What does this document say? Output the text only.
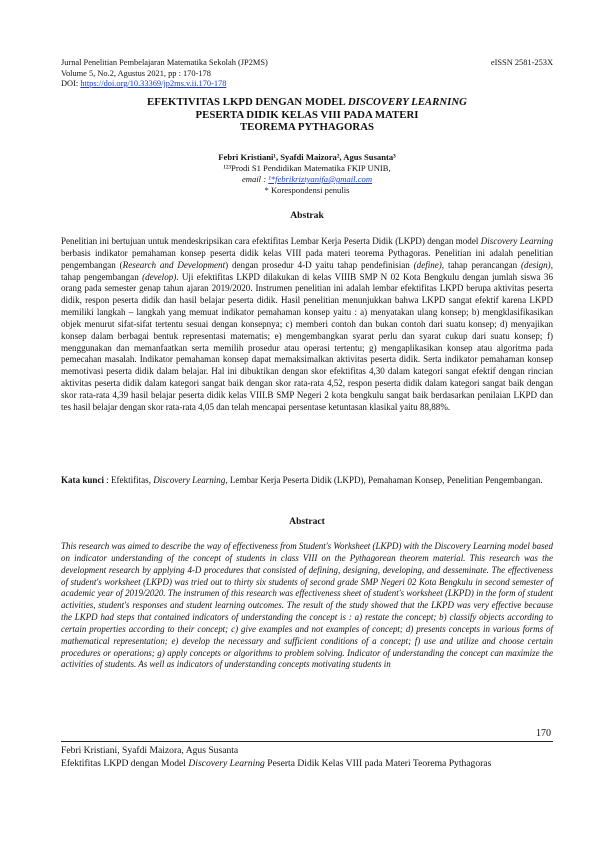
Jurnal Penelitian Pembelajaran Matematika Sekolah (JP2MS)
Volume 5, No.2, Agustus 2021, pp : 170-178
DOI: https://doi.org/10.33369/jp2ms.v.ii.170-178
eISSN 2581-253X
EFEKTIVITAS LKPD DENGAN MODEL DISCOVERY LEARNING
PESERTA DIDIK KELAS VIII PADA MATERI
TEOREMA PYTHAGORAS
Febri Kristiani¹, Syafdi Maizora², Agus Susanta³
¹²³Prodi S1 Pendidikan Matematika FKIP UNIB,
email : ¹*febrikriztyanifa@gmail.com
* Korespondensi penulis
Abstrak
Penelitian ini bertujuan untuk mendeskripsikan cara efektifitas Lembar Kerja Peserta Didik (LKPD) dengan model Discovery Learning berbasis indikator pemahaman konsep peserta didik kelas VIII pada materi teorema Pythagoras. Penelitian ini adalah penelitian pengembangan (Research and Development) dengan prosedur 4-D yaitu tahap pendefinisian (define), tahap perancangan (design), tahap pengembangan (develop). Uji efektifitas LKPD dilakukan di kelas VIIIB SMP N 02 Kota Bengkulu dengan jumlah siswa 36 orang pada semester genap tahun ajaran 2019/2020. Instrumen penelitian ini adalah lembar efektifitas LKPD berupa aktivitas peserta didik, respon peserta didik dan hasil belajar peserta didik. Hasil penelitian menunjukkan bahwa LKPD sangat efektif karena LKPD memiliki langkah – langkah yang memuat indikator pemahaman konsep yaitu : a) menyatakan ulang konsep; b) mengklasifikasikan objek menurut sifat-sifat tertentu sesuai dengan konsepnya; c) memberi contoh dan bukan contoh dari suatu konsep; d) menyajikan konsep dalam berbagai bentuk representasi matematis; e) mengembangkan syarat perlu dan syarat cukup dari suatu konsep; f) menggunakan dan memanfaatkan serta memilih prosedur atau operasi tertentu; g) mengaplikasikan konsep atau algoritma pada pemecahan masalah. Indikator pemahaman konsep dapat memaksimalkan aktivitas peserta didik. Serta indikator pemahaman konsep memotivasi peserta didik dalam belajar. Hal ini dibuktikan dengan skor efektifitas 4,30 dalam kategori sangat efektif dengan rincian aktivitas peserta didik dalam kategori sangat baik dengan skor rata-rata 4,52, respon peserta didik dalam kategori sangat baik dengan skor rata-rata 4,39 hasil belajar peserta didik kelas VIII.B SMP Negeri 2 kota bengkulu sangat baik berdasarkan penilaian LKPD dan tes hasil belajar dengan skor rata-rata 4,05 dan telah mencapai persentase ketuntasan klasikal yaitu 88,88%.
Kata kunci : Efektifitas, Discovery Learning, Lembar Kerja Peserta Didik (LKPD), Pemahaman Konsep, Penelitian Pengembangan.
Abstract
This research was aimed to describe the way of effectiveness from Student's Worksheet (LKPD) with the Discovery Learning model based on indicator understanding of the concept of students in class VIII on the Pythagorean theorem material. This research was the development research by applying 4-D procedures that consisted of defining, designing, developing, and desseminate. The effectiveness of student's worksheet (LKPD) was tried out to thirty six students of second grade SMP Negeri 02 Kota Bengkulu in second semester of academic year of 2019/2020. The instrumen of this research was effectiveness sheet of student's worksheet (LKPD) in the form of student activities, student's responses and student learning outcomes. The result of the study showed that the LKPD was very effective because the LKPD had steps that contained indicators of understanding the concept is : a) restate the concept; b) classify objects according to certain properties according to their concept; c) give examples and not examples of concept; d) presents concepts in various forms of mathematical representation; e) develop the necessary and sufficient conditions of a concept; f) use and utilize and choose certain procedures or operations; g) apply concepts or algorithms to problem solving. Indicator of understanding the concept can maximize the activities of students. As well as indicators of understanding concepts motivating students in
170
Febri Kristiani, Syafdi Maizora, Agus Susanta
Efektifitas LKPD dengan Model Discovery Learning Peserta Didik Kelas VIII pada Materi Teorema Pythagoras
